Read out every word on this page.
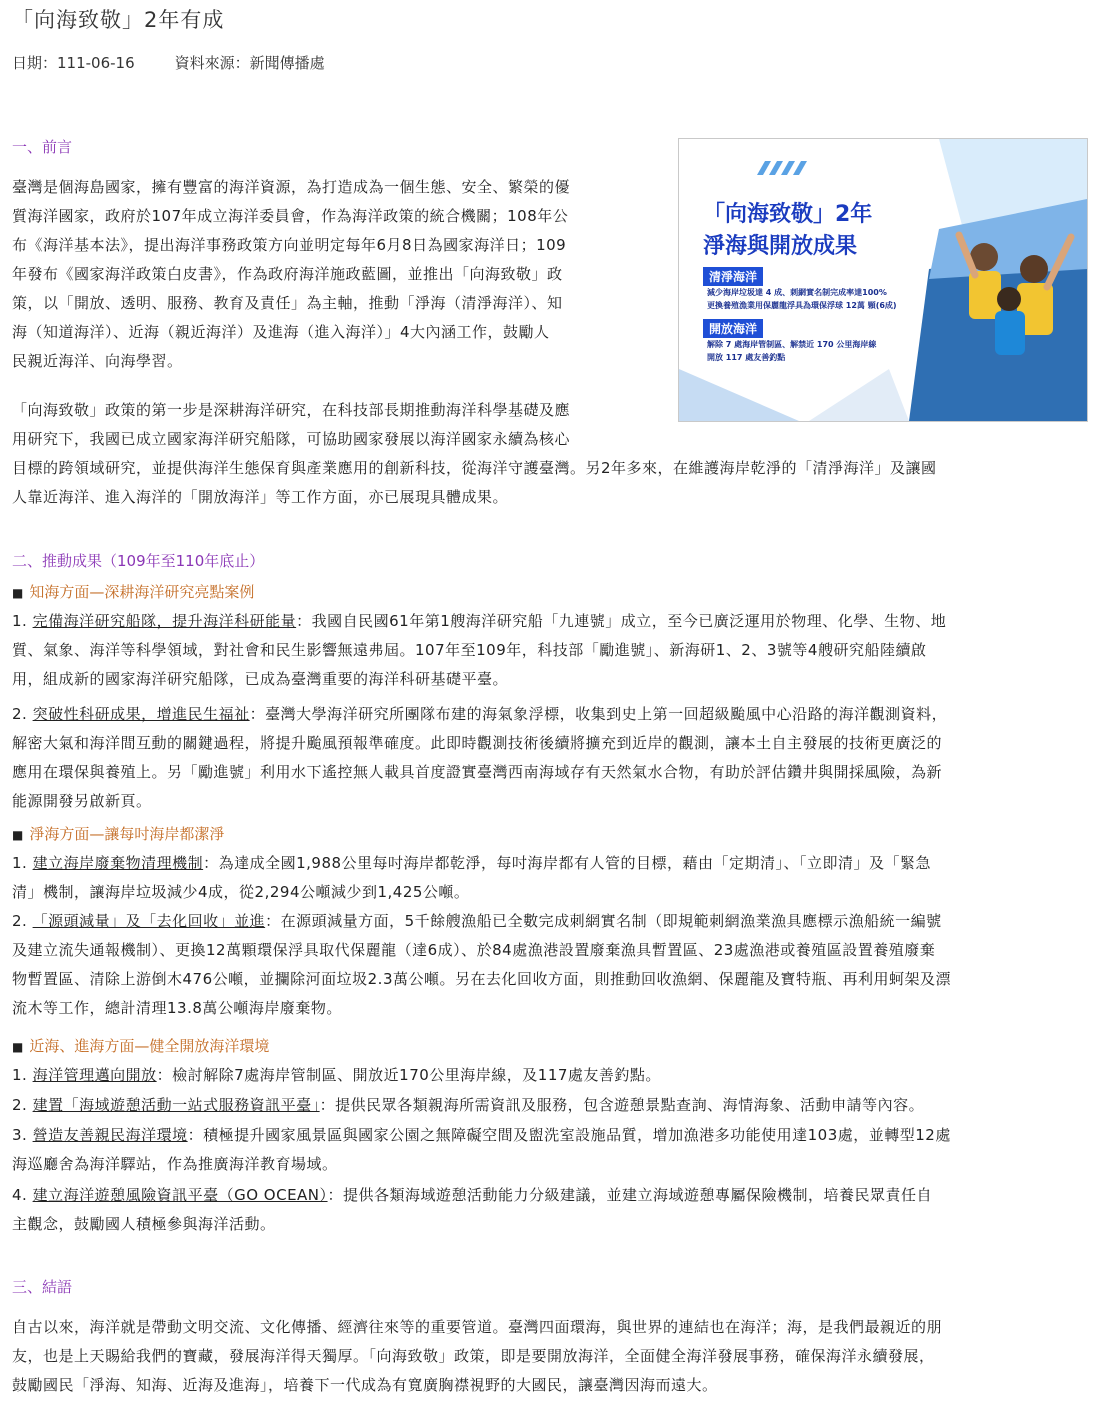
「向海致敬」2年有成
日期：111-06-16	資料來源：新聞傳播處
一、前言

臺灣是個海島國家，擁有豐富的海洋資源，為打造成為一個生態、安全、繁榮的優
質海洋國家，政府於107年成立海洋委員會，作為海洋政策的統合機關；108年公
布《海洋基本法》，提出海洋事務政策方向並明定每年6月8日為國家海洋日；109
年發布《國家海洋政策白皮書》，作為政府海洋施政藍圖，並推出「向海致敬」政
策，以「開放、透明、服務、教育及責任」為主軸，推動「淨海（清淨海洋）、知
海（知道海洋）、近海（親近海洋）及進海（進入海洋）」4大內涵工作，鼓勵人
民親近海洋、向海學習。

「向海致敬」政策的第一步是深耕海洋研究，在科技部長期推動海洋科學基礎及應
用研究下，我國已成立國家海洋研究船隊，可協助國家發展以海洋國家永續為核心
目標的跨領域研究，並提供海洋生態保育與產業應用的創新科技，從海洋守護臺灣。另2年多來，在維護海岸乾淨的「清淨海洋」及讓國
人靠近海洋、進入海洋的「開放海洋」等工作方面，亦已展現具體成果。

「向海致敬」2年
淨海與開放成果
清淨海洋
減少海岸垃圾達 4 成、刺網實名制完成率達100%
更換養殖漁業用保麗龍浮具為環保浮球 12萬 顆(6成)
開放海洋
解除 7 處海岸管制區、解禁近 170 公里海岸線
開放 117 處友善釣點
二、推動成果（109年至110年底止）
■ 知海方面—深耕海洋研究亮點案例

1. 完備海洋研究船隊，提升海洋科研能量：我國自民國61年第1艘海洋研究船「九連號」成立，至今已廣泛運用於物理、化學、生物、地
質、氣象、海洋等科學領域，對社會和民生影響無遠弗屆。107年至109年，科技部「勵進號」、新海研1、2、3號等4艘研究船陸續啟
用，組成新的國家海洋研究船隊，已成為臺灣重要的海洋科研基礎平臺。

2. 突破性科研成果，增進民生福祉：臺灣大學海洋研究所團隊布建的海氣象浮標，收集到史上第一回超級颱風中心沿路的海洋觀測資料，
解密大氣和海洋間互動的關鍵過程，將提升颱風預報準確度。此即時觀測技術後續將擴充到近岸的觀測，讓本土自主發展的技術更廣泛的
應用在環保與養殖上。另「勵進號」利用水下遙控無人載具首度證實臺灣西南海域存有天然氣水合物，有助於評估鑽井與開採風險，為新
能源開發另啟新頁。

■ 淨海方面—讓每吋海岸都潔淨

1. 建立海岸廢棄物清理機制：為達成全國1,988公里每吋海岸都乾淨，每吋海岸都有人管的目標，藉由「定期清」、「立即清」及「緊急
清」機制，讓海岸垃圾減少4成，從2,294公噸減少到1,425公噸。

2. 「源頭減量」及「去化回收」並進：在源頭減量方面，5千餘艘漁船已全數完成刺網實名制（即規範刺網漁業漁具應標示漁船統一編號
及建立流失通報機制）、更換12萬顆環保浮具取代保麗龍（達6成）、於84處漁港設置廢棄漁具暫置區、23處漁港或養殖區設置養殖廢棄
物暫置區、清除上游倒木476公噸，並攔除河面垃圾2.3萬公噸。另在去化回收方面，則推動回收漁網、保麗龍及寶特瓶、再利用蚵架及漂
流木等工作，總計清理13.8萬公噸海岸廢棄物。

■ 近海、進海方面—健全開放海洋環境

1. 海洋管理邁向開放：檢討解除7處海岸管制區、開放近170公里海岸線，及117處友善釣點。

2. 建置「海域遊憩活動一站式服務資訊平臺」：提供民眾各類親海所需資訊及服務，包含遊憩景點查詢、海情海象、活動申請等內容。

3. 營造友善親民海洋環境：積極提升國家風景區與國家公園之無障礙空間及盥洗室設施品質，增加漁港多功能使用達103處，並轉型12處
海巡廳舍為海洋驛站，作為推廣海洋教育場域。

4. 建立海洋遊憩風險資訊平臺（GO OCEAN）：提供各類海域遊憩活動能力分級建議，並建立海域遊憩專屬保險機制，培養民眾責任自
主觀念，鼓勵國人積極參與海洋活動。

三、結語

自古以來，海洋就是帶動文明交流、文化傳播、經濟往來等的重要管道。臺灣四面環海，與世界的連結也在海洋；海，是我們最親近的朋
友，也是上天賜給我們的寶藏，發展海洋得天獨厚。「向海致敬」政策，即是要開放海洋，全面健全海洋發展事務，確保海洋永續發展，
鼓勵國民「淨海、知海、近海及進海」，培養下一代成為有寬廣胸襟視野的大國民，讓臺灣因海而遠大。
